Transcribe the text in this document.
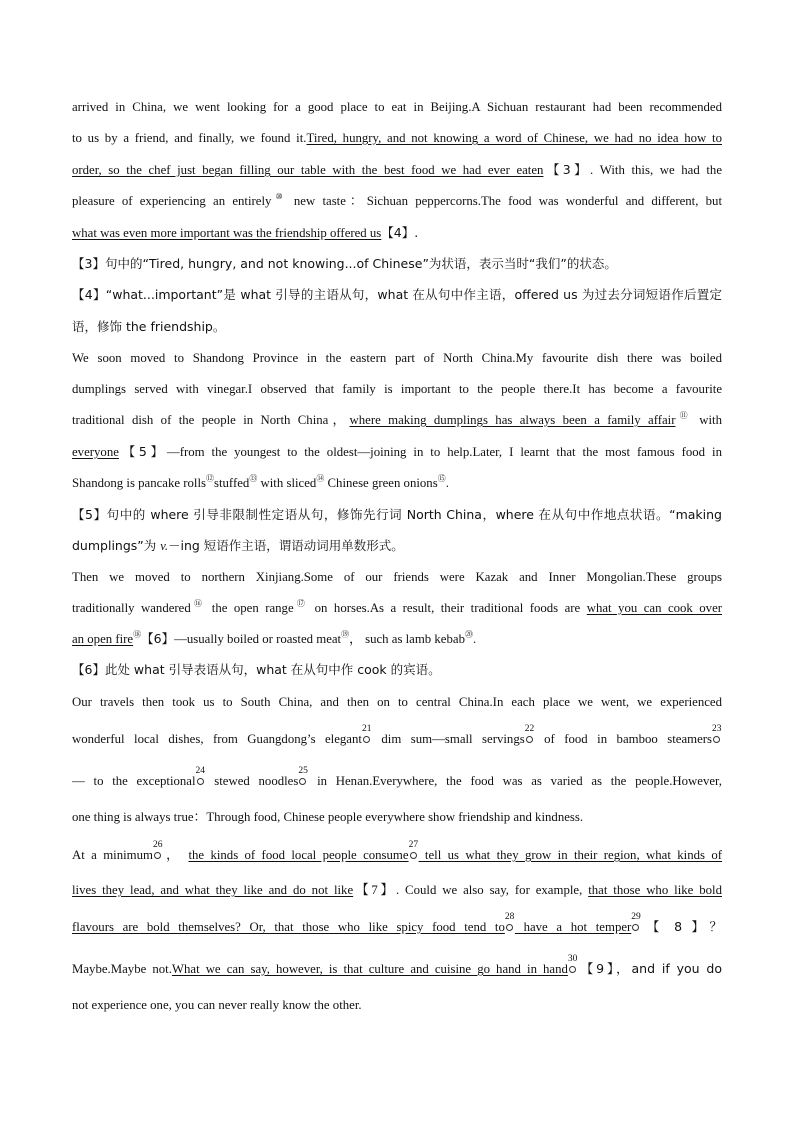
arrived in China, we went looking for a good place to eat in Beijing.A Sichuan restaurant had been recommended
to us by a friend, and finally, we found it.Tired, hungry, and not knowing a word of Chinese, we had no idea how to
order, so the chef just began filling our table with the best food we had ever eaten【3】. With this, we had the
pleasure of experiencing an entirely⑩ new taste：Sichuan peppercorns.The food was wonderful and different, but
what was even more important was the friendship offered us【4】.
【3】句中的“Tired, hungry, and not knowing...of Chinese”为状语，表示当时“我们”的状态。
【4】“what...important”是 what 引导的主语从句，what 在从句中作主语，offered us 为过去分词短语作后置定
语，修饰 the friendship。
We soon moved to Shandong Province in the eastern part of North China.My favourite dish there was boiled
dumplings served with vinegar.I observed that family is important to the people there.It has become a favourite
traditional dish of the people in North China，where making dumplings has always been a family affair⑪ with
everyone【5】—from the youngest to the oldest—joining in to help.Later, I learnt that the most famous food in
Shandong is pancake rolls⑫stuffed⑬ with sliced⑭ Chinese green onions⑮.
【5】句中的 where 引导非限制性定语从句，修饰先行词 North China，where 在从句中作地点状语。“making
dumplings”为 v.－ing 短语作主语，谓语动词用单数形式。
Then we moved to northern Xinjiang.Some of our friends were Kazak and Inner Mongolian.These groups
traditionally wandered⑯ the open range⑰ on horses.As a result, their traditional foods are what you can cook over
an open fire⑱【6】—usually boiled or roasted meat⑲， such as lamb kebab⑳.
【6】此处 what 引导表语从句，what 在从句中作 cook 的宾语。
Our travels then took us to South China, and then on to central China.In each place we went, we experienced
wonderful local dishes, from Guangdong’s elegant
21
dim sum—small servings
22
of food in bamboo steamers
23
— to the exceptional
24
stewed noodles
25
in Henan.Everywhere, the food was as varied as the people.However,
one thing is always true：Through food, Chinese people everywhere show friendship and kindness.
At a minimum
26
， the kinds of food local people consume
27
tell us what they grow in their region, what kinds of
lives they lead, and what they like and do not like【7】. Could we also say, for example, that those who like bold
flavours are bold themselves? Or, that those who like spicy food tend to
28
have a hot temper
29
【 8 】？
Maybe.Maybe not.What we can say, however, is that culture and cuisine go hand in hand
30
【9】，and if you do
not experience one, you can never really know the other.
